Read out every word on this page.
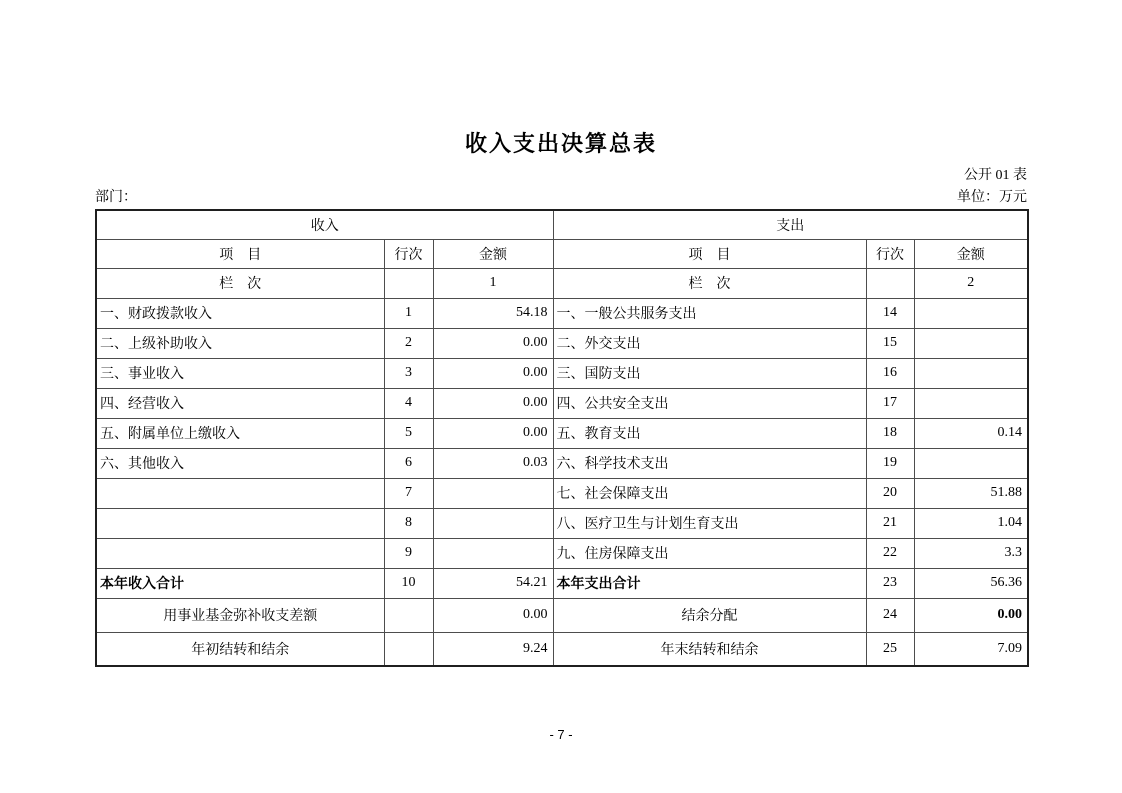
收入支出决算总表
公开 01 表
部门：	单位：万元
收入			支出		
项　目	行次	金额	项　目	行次	金额
栏　次		1	栏　次		2
一、财政拨款收入	1	54.18	一、一般公共服务支出	14	
二、上级补助收入	2	0.00	二、外交支出	15	
三、事业收入	3	0.00	三、国防支出	16	
四、经营收入	4	0.00	四、公共安全支出	17	
五、附属单位上缴收入	5	0.00	五、教育支出	18	0.14
六、其他收入	6	0.03	六、科学技术支出	19	
	7		七、社会保障支出	20	51.88
	8		八、医疗卫生与计划生育支出	21	1.04
	9		九、住房保障支出	22	3.3
本年收入合计	10	54.21	本年支出合计	23	56.36
用事业基金弥补收支差额		0.00	结余分配	24	0.00
年初结转和结余		9.24	年末结转和结余	25	7.09
- 7 -
